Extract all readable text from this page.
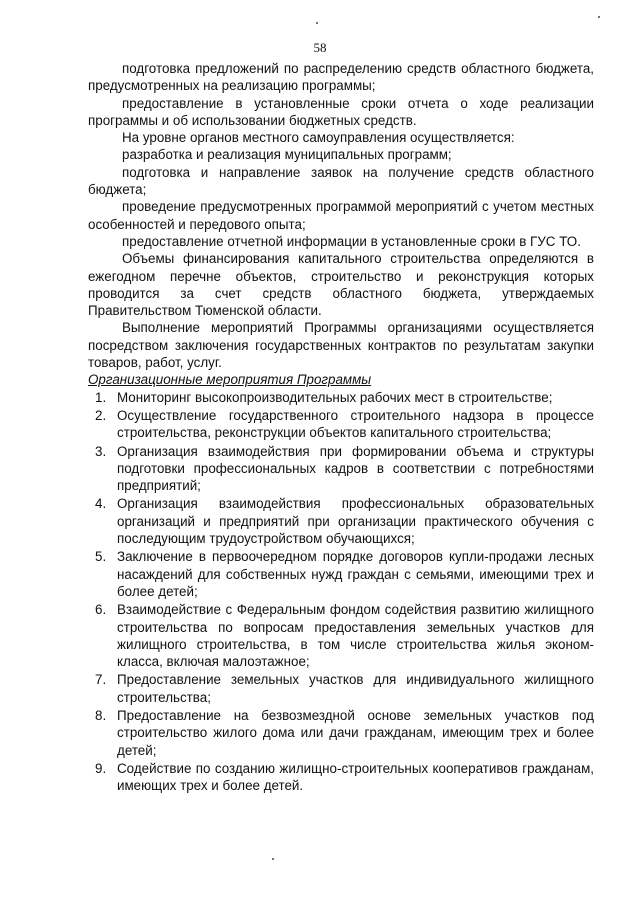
58

подготовка предложений по распределению средств областного бюджета, предусмотренных на реализацию программы;

предоставление в установленные сроки отчета о ходе реализации программы и об использовании бюджетных средств.

На уровне органов местного самоуправления осуществляется:

разработка и реализация муниципальных программ;

подготовка и направление заявок на получение средств областного бюджета;

проведение предусмотренных программой мероприятий с учетом местных особенностей и передового опыта;

предоставление отчетной информации в установленные сроки в ГУС ТО.

Объемы финансирования капитального строительства определяются в ежегодном перечне объектов, строительство и реконструкция которых проводится за счет средств областного бюджета, утверждаемых Правительством Тюменской области.

Выполнение мероприятий Программы организациями осуществляется посредством заключения государственных контрактов по результатам закупки товаров, работ, услуг.

Организационные мероприятия Программы

1. Мониторинг высокопроизводительных рабочих мест в строительстве;
2. Осуществление государственного строительного надзора в процессе строительства, реконструкции объектов капитального строительства;
3. Организация взаимодействия при формировании объема и структуры подготовки профессиональных кадров в соответствии с потребностями предприятий;
4. Организация взаимодействия профессиональных образовательных организаций и предприятий при организации практического обучения с последующим трудоустройством обучающихся;
5. Заключение в первоочередном порядке договоров купли-продажи лесных насаждений для собственных нужд граждан с семьями, имеющими трех и более детей;
6. Взаимодействие с Федеральным фондом содействия развитию жилищного строительства по вопросам предоставления земельных участков для жилищного строительства, в том числе строительства жилья эконом-класса, включая малоэтажное;
7. Предоставление земельных участков для индивидуального жилищного строительства;
8. Предоставление на безвозмездной основе земельных участков под строительство жилого дома или дачи гражданам, имеющим трех и более детей;
9. Содействие по созданию жилищно-строительных кооперативов гражданам, имеющих трех и более детей.
